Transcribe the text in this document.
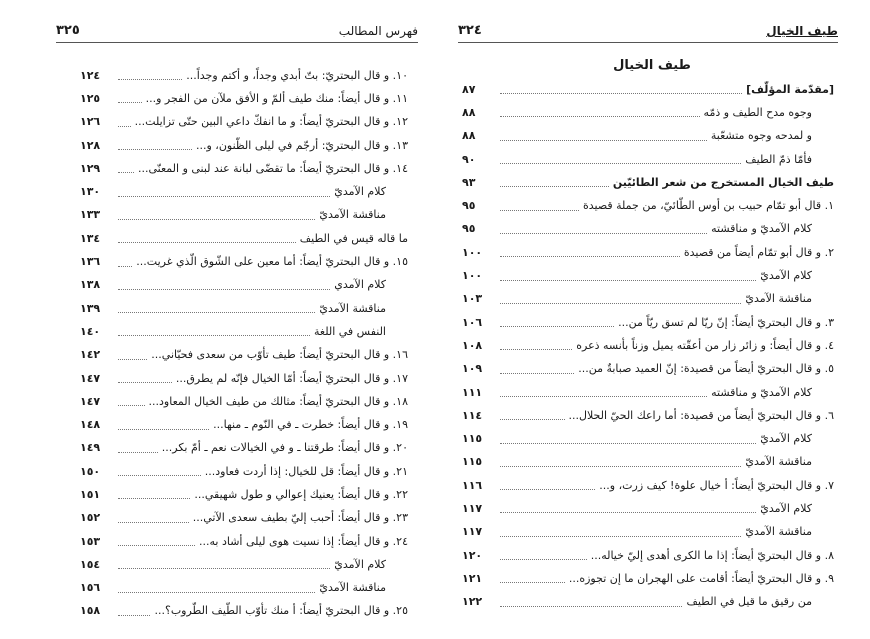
فهرس المطالب
٣٢٥
١٠. و قال البحتريّ: بتّ أبدي وجداً، و أكتم وجداً...
١٢٤
١١. و قال أيضاً: منك طيف ألمّ و الأفق ملآن من الفجر و...
١٢٥
١٢. و قال البحتريّ أيضاً: و ما انفكّ داعي البين حتّى تزايلت...
١٢٦
١٣. و قال البحتريّ: أرجّم في ليلى الظّنون، و...
١٢٨
١٤. و قال البحتريّ أيضاً: ما تقضّى لبانة عند لبنى و المعنّى...
١٢٩
كلام الآمديّ
١٣٠
مناقشة الآمديّ
١٣٣
ما قاله قيس في الطيف
١٣٤
١٥. و قال البحتريّ أيضاً: أما معين على الشّوق الّذي غريت...
١٣٦
كلام الآمدي
١٣٨
مناقشة الآمديّ
١٣٩
النفس في اللغة
١٤٠
١٦. و قال البحتريّ أيضاً: طيف تأوّب من سعدى فحيّاني...
١٤٢
١٧. و قال البحتريّ أيضاً: أمّا الخيال فإنّه لم يطرق...
١٤٧
١٨. و قال البحتريّ أيضاً: مثالك من طيف الخيال المعاود...
١٤٧
١٩. و قال أيضاً: خطرت ـ في النّوم ـ منها...
١٤٨
٢٠. و قال أيضاً: طرقتنا ـ و في الخيالات نعم ـ أمّ بكر...
١٤٩
٢١. و قال أيضاً: قل للخيال: إذا أردت فعاود...
١٥٠
٢٢. و قال أيضاً: يعنيك إعوالي و طول شهيقي...
١٥١
٢٣. و قال أيضاً: أحبب إليّ بطيف سعدى الآتي...
١٥٢
٢٤. و قال أيضاً: إذا نسيت هوى ليلى أشاد به...
١٥٣
كلام الآمديّ
١٥٤
مناقشة الآمديّ
١٥٦
٢٥. و قال البحتريّ أيضاً: أ منك تأوّب الطّيف الطّروب؟...
١٥٨
طيف الخيال
٣٢٤
طيف الخيال
[مقدّمة المؤلّف]
٨٧
وجوه مدح الطيف و ذمّه
٨٨
و لمدحه وجوه متشعّبة
٨٨
فأمّا ذمّ الطيف
٩٠
طيف الخيال المستخرج من شعر الطائيّين
٩٣
١. قال أبو تمّام حبيب بن أوس الطّائيّ، من جملة قصيدة
٩٥
كلام الآمديّ و مناقشته
٩٥
٢. و قال أبو تمّام أيضاً من قصيدة
١٠٠
كلام الآمديّ
١٠٠
مناقشة الآمديّ
١٠٣
٣. و قال البحتريّ أيضاً: إنّ ريّا لم تسق ريّاً من...
١٠٦
٤. و قال أيضاً: و زائر زار من أعقّته يميل وزناً بأنسه ذعره
١٠٨
٥. و قال البحتريّ أيضاً من قصيدة: إنّ العميد صبابةٌ من...
١٠٩
كلام الآمديّ و مناقشته
١١١
٦. و قال البحتريّ أيضاً من قصيدة: أما راعك الحيّ الحلال...
١١٤
كلام الآمديّ
١١٥
مناقشة الآمديّ
١١٥
٧. و قال البحتريّ أيضاً: أ خيال علوة! كيف زرت، و...
١١٦
كلام الآمديّ
١١٧
مناقشة الآمديّ
١١٧
٨. و قال البحتريّ أيضاً: إذا ما الكرى أهدى إليّ خياله...
١٢٠
٩. و قال البحتريّ أيضاً: أقامت على الهجران ما إن تجوزه...
١٢١
من رقيق ما قيل في الطيف
١٢٢
